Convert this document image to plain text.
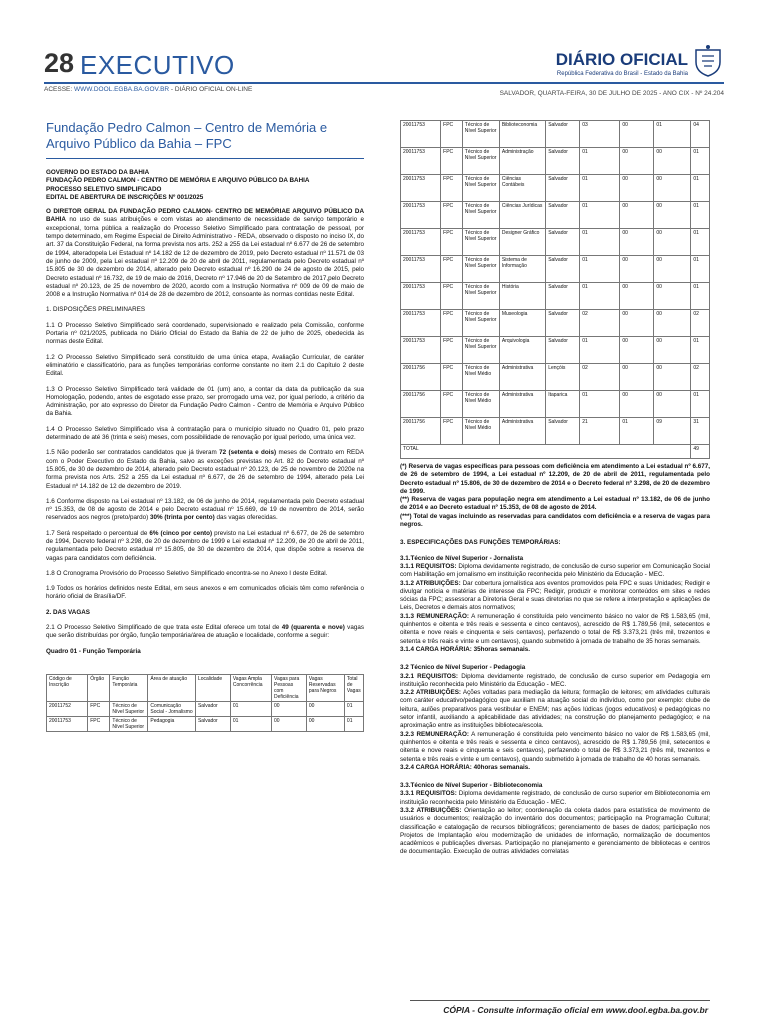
28 EXECUTIVO	DIÁRIO OFICIAL
República Federativa do Brasil - Estado da Bahia
ACESSE: WWW.DOOL.EGBA.BA.GOV.BR - DIÁRIO OFICIAL ON-LINE
SALVADOR, QUARTA-FEIRA, 30 DE JULHO DE 2025 - ANO CIX - Nº 24.204
Fundação Pedro Calmon – Centro de Memória e Arquivo Público da Bahia – FPC
GOVERNO DO ESTADO DA BAHIA
FUNDAÇÃO PEDRO CALMON - CENTRO DE MEMÓRIA E ARQUIVO PÚBLICO DA BAHIA
PROCESSO SELETIVO SIMPLIFICADO
EDITAL DE ABERTURA DE INSCRIÇÕES Nº 001/2025
O DIRETOR GERAL DA FUNDAÇÃO PEDRO CALMON- CENTRO DE MEMÓRIAE ARQUIVO PÚBLICO DA BAHIA no uso de suas atribuições e com vistas ao atendimento de necessidade de serviço temporário e excepcional, torna pública a realização do Processo Seletivo Simplificado para contratação de pessoal, por tempo determinado, em Regime Especial de Direito Administrativo - REDA, observado o disposto no inciso IX, do art. 37 da Constituição Federal, na forma prevista nos arts. 252 a 255 da Lei estadual nº 6.677 de 26 de setembro de 1994, alteradopela Lei Estadual nº 14.182 de 12 de dezembro de 2019, pelo Decreto estadual nº 11.571 de 03 de junho de 2009, pela Lei estadual nº 12.209 de 20 de abril de 2011, regulamentada pelo Decreto estadual nº 15.805 de 30 de dezembro de 2014, alterado pelo Decreto estadual nº 16.290 de 24 de agosto de 2015, pelo Decreto estadual nº 16.732, de 19 de maio de 2016, Decreto nº 17.946 de 20 de Setembro de 2017,pelo Decreto estadual nº 20.123, de 25 de novembro de 2020, acordo com a Instrução Normativa nº 009 de 09 de maio de 2008 e a Instrução Normativa nº 014 de 28 de dezembro de 2012, consoante às normas contidas neste Edital.
1. DISPOSIÇÕES PRELIMINARES
1.1 O Processo Seletivo Simplificado será coordenado, supervisionado e realizado pela Comissão, conforme Portaria nº 021/2025, publicada no Diário Oficial do Estado da Bahia de 22 de julho de 2025, obedecida às normas deste Edital.
1.2 O Processo Seletivo Simplificado será constituído de uma única etapa, Avaliação Curricular, de caráter eliminatório e classificatório, para as funções temporárias conforme constante no item 2.1 do Capítulo 2 deste Edital.
1.3 O Processo Seletivo Simplificado terá validade de 01 (um) ano, a contar da data da publicação da sua Homologação, podendo, antes de esgotado esse prazo, ser prorrogado uma vez, por igual período, a critério da Administração, por ato expresso do Diretor da Fundação Pedro Calmon - Centro de Memória e Arquivo Público da Bahia.
1.4 O Processo Seletivo Simplificado visa à contratação para o município situado no Quadro 01, pelo prazo determinado de até 36 (trinta e seis) meses, com possibilidade de renovação por igual período, uma única vez.
1.5 Não poderão ser contratados candidatos que já tiveram 72 (setenta e dois) meses de Contrato em REDA com o Poder Executivo do Estado da Bahia, salvo as exceções previstas no Art. 82 do Decreto estadual nº 15.805, de 30 de dezembro de 2014, alterado pelo Decreto estadual nº 20.123, de 25 de novembro de 2020e na forma prevista nos Arts. 252 a 255 da Lei estadual nº 6.677, de 26 de setembro de 1994, alterado pela Lei Estadual nº 14.182 de 12 de dezembro de 2019.
1.6 Conforme disposto na Lei estadual nº 13.182, de 06 de junho de 2014, regulamentada pelo Decreto estadual nº 15.353, de 08 de agosto de 2014 e pelo Decreto estadual nº 15.669, de 19 de novembro de 2014, serão reservados aos negros (preto/pardo) 30% (trinta por cento) das vagas oferecidas.
1.7 Será respeitado o percentual de 6% (cinco por cento) previsto na Lei estadual nº 6.677, de 26 de setembro de 1994, Decreto federal nº 3.298, de 20 de dezembro de 1999 e Lei estadual nº 12.209, de 20 de abril de 2011, regulamentada pelo Decreto estadual nº 15.805, de 30 de dezembro de 2014, que dispõe sobre a reserva de vagas para candidatos com deficiência.
1.8 O Cronograma Provisório do Processo Seletivo Simplificado encontra-se no Anexo I deste Edital.
1.9 Todos os horários definidos neste Edital, em seus anexos e em comunicados oficiais têm como referência o horário oficial de Brasília/DF.
2. DAS VAGAS
2.1 O Processo Seletivo Simplificado de que trata este Edital oferece um total de 49 (quarenta e nove) vagas que serão distribuídas por órgão, função temporária/área de atuação e localidade, conforme a seguir:
Quadro 01 - Função Temporária
Código de Inscrição	Órgão	Função Temporária	Área de atuação	Localidade	Vagas Ampla Concorrência	Vagas para Pessoas com Deficiência	Vagas Reservadas para Negros	Total de Vagas
20011752	FPC	Técnico de Nível Superior	Comunicação Social - Jornalismo	Salvador	01	00	00	01
20011753	FPC	Técnico de Nível Superior	Pedagogia	Salvador	01	00	00	01
20011753	FPC	Técnico de Nível Superior	Biblioteconomia	Salvador	03	00	01	04
20011753	FPC	Técnico de Nível Superior	Administração	Salvador	01	00	00	01
20011753	FPC	Técnico de Nível Superior	Ciências Contábeis	Salvador	01	00	00	01
20011753	FPC	Técnico de Nível Superior	Ciências Jurídicas	Salvador	01	00	00	01
20011753	FPC	Técnico de Nível Superior	Designer Gráfico	Salvador	01	00	00	01
20011753	FPC	Técnico de Nível Superior	Sistema de Informação	Salvador	01	00	00	01
20011753	FPC	Técnico de Nível Superior	História	Salvador	01	00	00	01
20011753	FPC	Técnico de Nível Superior	Museologia	Salvador	02	00	00	02
20011753	FPC	Técnico de Nível Superior	Arquivologia	Salvador	01	00	00	01
20011756	FPC	Técnico de Nível Médio	Administrativa	Lençóis	02	00	00	02
20011756	FPC	Técnico de Nível Médio	Administrativa	Itaparica	01	00	00	01
20011756	FPC	Técnico de Nível Médio	Administrativa	Salvador	21	01	09	31
TOTAL								49
(*) Reserva de vagas específicas para pessoas com deficiência em atendimento a Lei estadual nº 6.677, de 26 de setembro de 1994, a Lei estadual nº 12.209, de 20 de abril de 2011, regulamentada pelo Decreto estadual nº 15.806, de 30 de dezembro de 2014 e o Decreto federal nº 3.298, de 20 de dezembro de 1999.
(**) Reserva de vagas para população negra em atendimento a Lei estadual nº 13.182, de 06 de junho de 2014 e ao Decreto estadual nº 15.353, de 08 de agosto de 2014.
(***) Total de vagas incluindo as reservadas para candidatos com deficiência e a reserva de vagas para negros.
3. ESPECIFICAÇÕES DAS FUNÇÕES TEMPORÁRIAS:
3.1.Técnico de Nível Superior - Jornalista
3.1.1 REQUISITOS: Diploma devidamente registrado, de conclusão de curso superior em Comunicação Social com Habilitação em jornalismo em instituição reconhecida pelo Ministério da Educação - MEC.
3.1.2 ATRIBUIÇÕES: Dar cobertura jornalística aos eventos promovidos pela FPC e suas Unidades; Redigir e divulgar notícia e matérias de interesse da FPC; Redigir, produzir e monitorar conteúdos em sites e redes sócias da FPC; assessorar a Diretoria Geral e suas diretorias no que se refere a interpretação e aplicações de Leis, Decretos e demais atos normativos;
3.1.3 REMUNERAÇÃO: A remuneração é constituída pelo vencimento básico no valor de R$ 1.583,65 (mil, quinhentos e oitenta e três reais e sessenta e cinco centavos), acrescido de R$ 1.789,56 (mil, setecentos e oitenta e nove reais e cinquenta e seis centavos), perfazendo o total de R$ 3.373,21 (três mil, trezentos e setenta e três reais e vinte e um centavos), quando submetido à jornada de trabalho de 35 horas semanais.
3.1.4 CARGA HORÁRIA: 35horas semanais.
3.2 Técnico de Nível Superior - Pedagogia
3.2.1 REQUISITOS: Diploma devidamente registrado, de conclusão de curso superior em Pedagogia em instituição reconhecida pelo Ministério da Educação - MEC.
3.2.2 ATRIBUIÇÕES: Ações voltadas para mediação da leitura; formação de leitores; em atividades culturais com caráter educativo/pedagógico que auxiliam na atuação social do indivíduo, como por exemplo: clube de leitura, aulões preparativos para vestibular e ENEM; nas ações lúdicas (jogos educativos) e pedagógicas no setor infantil, auxiliando a aplicabilidade das atividades; na construção do planejamento pedagógico; e na aproximação entre as instituições biblioteca/escola.
3.2.3 REMUNERAÇÃO: A remuneração é constituída pelo vencimento básico no valor de R$ 1.583,65 (mil, quinhentos e oitenta e três reais e sessenta e cinco centavos), acrescido de R$ 1.789,56 (mil, setecentos e oitenta e nove reais e cinquenta e seis centavos), perfazendo o total de R$ 3.373,21 (três mil, trezentos e setenta e três reais e vinte e um centavos), quando submetido à jornada de trabalho de 40 horas semanais.
3.2.4 CARGA HORÁRIA: 40horas semanais.
3.3.Técnico de Nível Superior - Biblioteconomia
3.3.1 REQUISITOS: Diploma devidamente registrado, de conclusão de curso superior em Biblioteconomia em instituição reconhecida pelo Ministério da Educação - MEC.
3.3.2 ATRIBUIÇÕES: Orientação ao leitor; coordenação da coleta dados para estatística de movimento de usuários e documentos; realização do inventário dos documentos; participação na Programação Cultural; classificação e catalogação de recursos bibliográficos; gerenciamento de bases de dados; participação nos Projetos de Implantação e/ou modernização de unidades de informação, normalização de documentos acadêmicos e publicações diversas. Participação no planejamento e gerenciamento de bibliotecas e centros de documentação. Execução de outras atividades correlatas
CÓPIA - Consulte informação oficial em www.dool.egba.ba.gov.br
